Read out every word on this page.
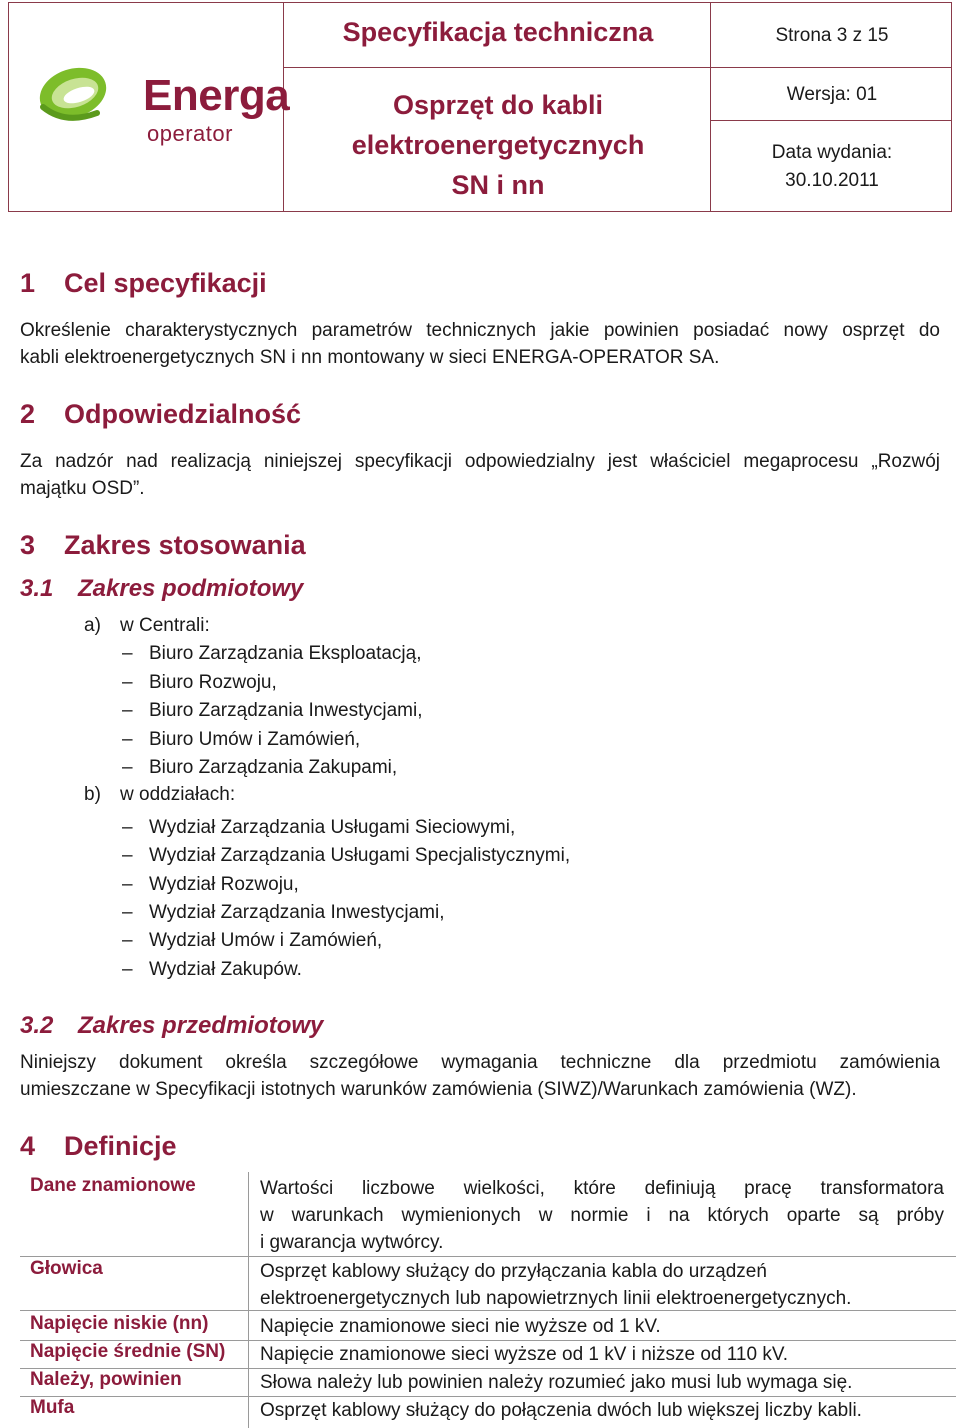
Energa
operator
Specyfikacja techniczna
Osprzęt do kabli
elektroenergetycznych
SN i nn
Strona 3 z 15
Wersja: 01
Data wydania:
30.10.2011
1 Cel specyfikacji
Określenie charakterystycznych parametrów technicznych jakie powinien posiadać nowy osprzęt do
kabli elektroenergetycznych SN i nn montowany w sieci ENERGA-OPERATOR SA.
2 Odpowiedzialność
Za nadzór nad realizacją niniejszej specyfikacji odpowiedzialny jest właściciel megaprocesu „Rozwój
majątku OSD”.
3 Zakres stosowania
3.1 Zakres podmiotowy
a) w Centrali:
– Biuro Zarządzania Eksploatacją,
– Biuro Rozwoju,
– Biuro Zarządzania Inwestycjami,
– Biuro Umów i Zamówień,
– Biuro Zarządzania Zakupami,
b) w oddziałach:
– Wydział Zarządzania Usługami Sieciowymi,
– Wydział Zarządzania Usługami Specjalistycznymi,
– Wydział Rozwoju,
– Wydział Zarządzania Inwestycjami,
– Wydział Umów i Zamówień,
– Wydział Zakupów.
3.2 Zakres przedmiotowy
Niniejszy dokument określa szczegółowe wymagania techniczne dla przedmiotu zamówienia
umieszczane w Specyfikacji istotnych warunków zamówienia (SIWZ)/Warunkach zamówienia (WZ).
4 Definicje
Dane znamionowe	Wartości liczbowe wielkości, które definiują pracę transformatora
w warunkach wymienionych w normie i na których oparte są próby
i gwarancja wytwórcy.
Głowica	Osprzęt kablowy służący do przyłączania kabla do urządzeń
elektroenergetycznych lub napowietrznych linii elektroenergetycznych.
Napięcie niskie (nn)	Napięcie znamionowe sieci nie wyższe od 1 kV.
Napięcie średnie (SN) Napięcie znamionowe sieci wyższe od 1 kV i niższe od 110 kV.
Należy, powinien	Słowa należy lub powinien należy rozumieć jako musi lub wymaga się.
Mufa	Osprzęt kablowy służący do połączenia dwóch lub większej liczby kabli.
